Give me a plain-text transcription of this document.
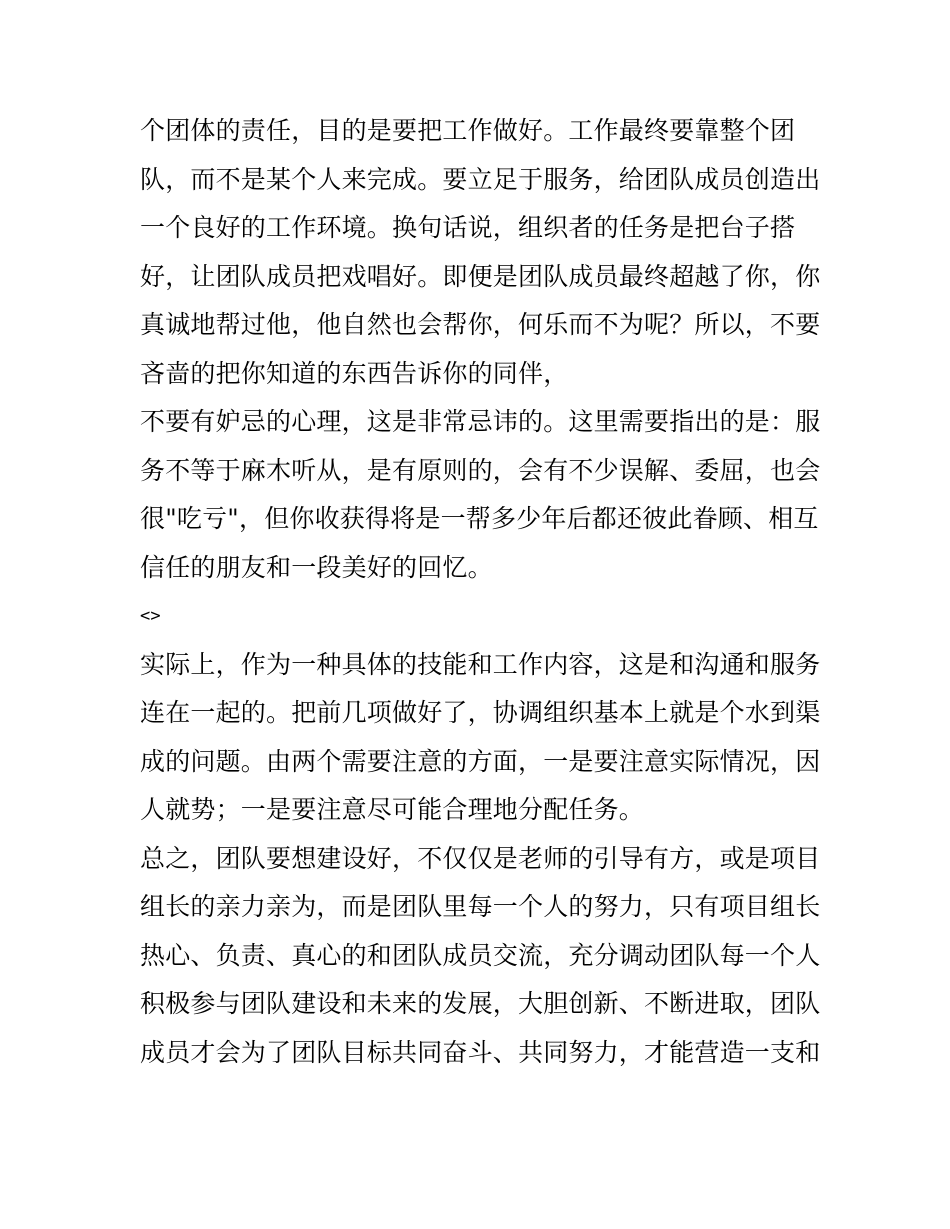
个团体的责任，目的是要把工作做好。工作最终要靠整个团
队，而不是某个人来完成。要立足于服务，给团队成员创造出
一个良好的工作环境。换句话说，组织者的任务是把台子搭
好，让团队成员把戏唱好。即便是团队成员最终超越了你，你
真诚地帮过他，他自然也会帮你，何乐而不为呢？所以，不要
吝啬的把你知道的东西告诉你的同伴，
不要有妒忌的心理，这是非常忌讳的。这里需要指出的是：服
务不等于麻木听从，是有原则的，会有不少误解、委屈，也会
很"吃亏"，但你收获得将是一帮多少年后都还彼此眷顾、相互
信任的朋友和一段美好的回忆。
<>
实际上，作为一种具体的技能和工作内容，这是和沟通和服务
连在一起的。把前几项做好了，协调组织基本上就是个水到渠
成的问题。由两个需要注意的方面，一是要注意实际情况，因
人就势；一是要注意尽可能合理地分配任务。
总之，团队要想建设好，不仅仅是老师的引导有方，或是项目
组长的亲力亲为，而是团队里每一个人的努力，只有项目组长
热心、负责、真心的和团队成员交流，充分调动团队每一个人
积极参与团队建设和未来的发展，大胆创新、不断进取，团队
成员才会为了团队目标共同奋斗、共同努力，才能营造一支和
